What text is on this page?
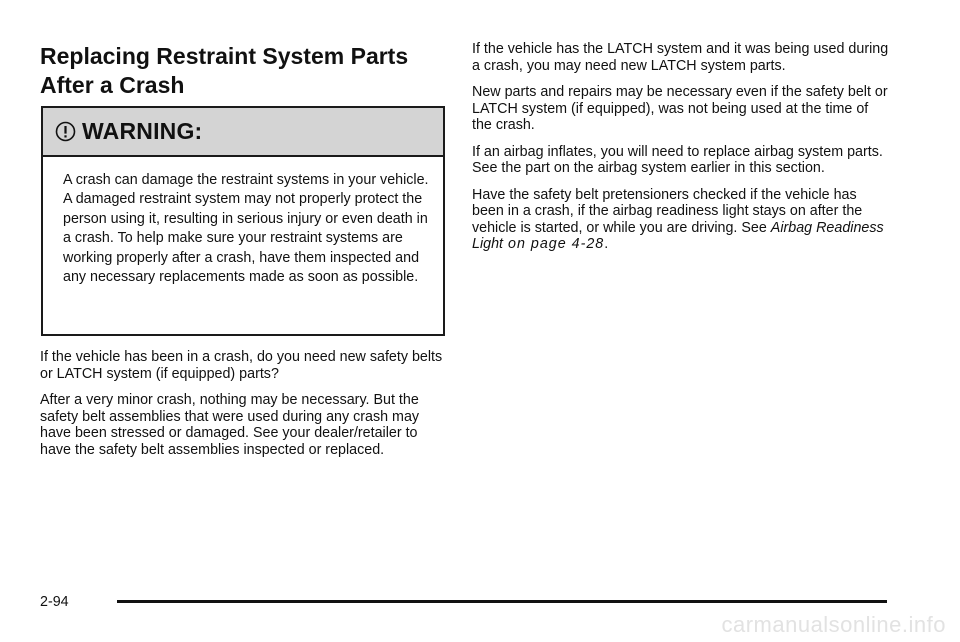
Replacing Restraint System Parts
After a Crash
WARNING:

A crash can damage the restraint systems in your vehicle. A damaged restraint system may not properly protect the person using it, resulting in serious injury or even death in a crash. To help make sure your restraint systems are working properly after a crash, have them inspected and any necessary replacements made as soon as possible.

If the vehicle has been in a crash, do you need new safety belts or LATCH system (if equipped) parts?

After a very minor crash, nothing may be necessary. But the safety belt assemblies that were used during any crash may have been stressed or damaged. See your dealer/retailer to have the safety belt assemblies inspected or replaced.

If the vehicle has the LATCH system and it was being used during a crash, you may need new LATCH system parts.

New parts and repairs may be necessary even if the safety belt or LATCH system (if equipped), was not being used at the time of the crash.

If an airbag inflates, you will need to replace airbag system parts. See the part on the airbag system earlier in this section.

Have the safety belt pretensioners checked if the vehicle has been in a crash, if the airbag readiness light stays on after the vehicle is started, or while you are driving. See Airbag Readiness Light on page 4‑28.

2-94
carmanualsonline.info
